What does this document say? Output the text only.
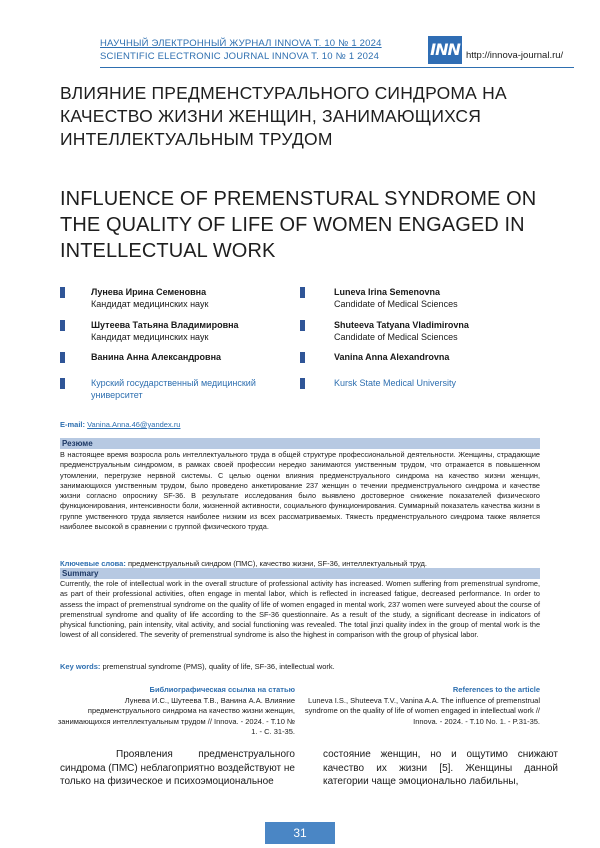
НАУЧНЫЙ ЭЛЕКТРОННЫЙ ЖУРНАЛ INNOVA Т. 10 № 1 2024
SCIENTIFIC ELECTRONIC JOURNAL INNOVA Т. 10 № 1 2024	INN http://innova-journal.ru/
ВЛИЯНИЕ ПРЕДМЕНСТУРАЛЬНОГО СИНДРОМА НА КАЧЕСТВО ЖИЗНИ ЖЕНЩИН, ЗАНИМАЮЩИХСЯ ИНТЕЛЛЕКТУАЛЬНЫМ ТРУДОМ
INFLUENCE OF PREMENSTURAL SYNDROME ON THE QUALITY OF LIFE OF WOMEN ENGAGED IN INTELLECTUAL WORK
Лунева Ирина Семеновна
Кандидат медицинских наук
Шутеева Татьяна Владимировна
Кандидат медицинских наук
Ванина Анна Александровна
Курский государственный медицинский университет
Luneva Irina Semenovna
Candidate of Medical Sciences
Shuteeva Tatyana Vladimirovna
Candidate of Medical Sciences
Vanina Anna Alexandrovna
Kursk State Medical University
E-mail: Vanina.Anna.46@yandex.ru
Резюме
В настоящее время возросла роль интеллектуального труда в общей структуре профессиональной деятельности. Женщины, страдающие предменструальным синдромом, в рамках своей профессии нередко занимаются умственным трудом, что отражается в повышенном утомлении, перегрузке нервной системы. С целью оценки влияния предменструального синдрома на качество жизни женщин, занимающихся умственным трудом, было проведено анкетирование 237 женщин о течении предменструального синдрома и качестве жизни согласно опроснику SF-36. В результате исследования было выявлено достоверное снижение показателей физического функционирования, интенсивности боли, жизненной активности, социального функционирования. Суммарный показатель качества жизни в группе умственного труда является наиболее низким из всех рассматриваемых. Тяжесть предменструального синдрома также является наиболее высокой в сравнении с группой физического труда.
Ключевые слова: предменструальный синдром (ПМС), качество жизни, SF-36, интеллектуальный труд.
Summary
Currently, the role of intellectual work in the overall structure of professional activity has increased. Women suffering from premenstrual syndrome, as part of their professional activities, often engage in mental labor, which is reflected in increased fatigue, decreased performance. In order to assess the impact of premenstrual syndrome on the quality of life of women engaged in mental work, 237 women were surveyed about the course of premenstrual syndrome and quality of life according to the SF-36 questionnaire. As a result of the study, a significant decrease in indicators of physical functioning, pain intensity, vital activity, and social functioning was revealed. The total jinzi quality index in the group of mental work is the lowest of all considered. The severity of premenstrual syndrome is also the highest in comparison with the group of physical labor.
Key words: premenstrual syndrome (PMS), quality of life, SF-36, intellectual work.
Библиографическая ссылка на статью
Лунева И.С., Шутеева Т.В., Ванина А.А. Влияние предменструального синдрома на качество жизни женщин, занимающихся интеллектуальным трудом // Innova. - 2024. - Т.10 № 1. - С. 31-35.
References to the article
Luneva I.S., Shuteeva T.V., Vanina A.A. The influence of premenstrual syndrome on the quality of life of women engaged in intellectual work // Innova. - 2024. - T.10 No. 1. - P.31-35.
Проявления предменструального синдрома (ПМС) неблагоприятно воздействуют не только на физическое и психоэмоциональное
состояние женщин, но и ощутимо снижают качество их жизни [5]. Женщины данной категории чаще эмоционально лабильны,
31
